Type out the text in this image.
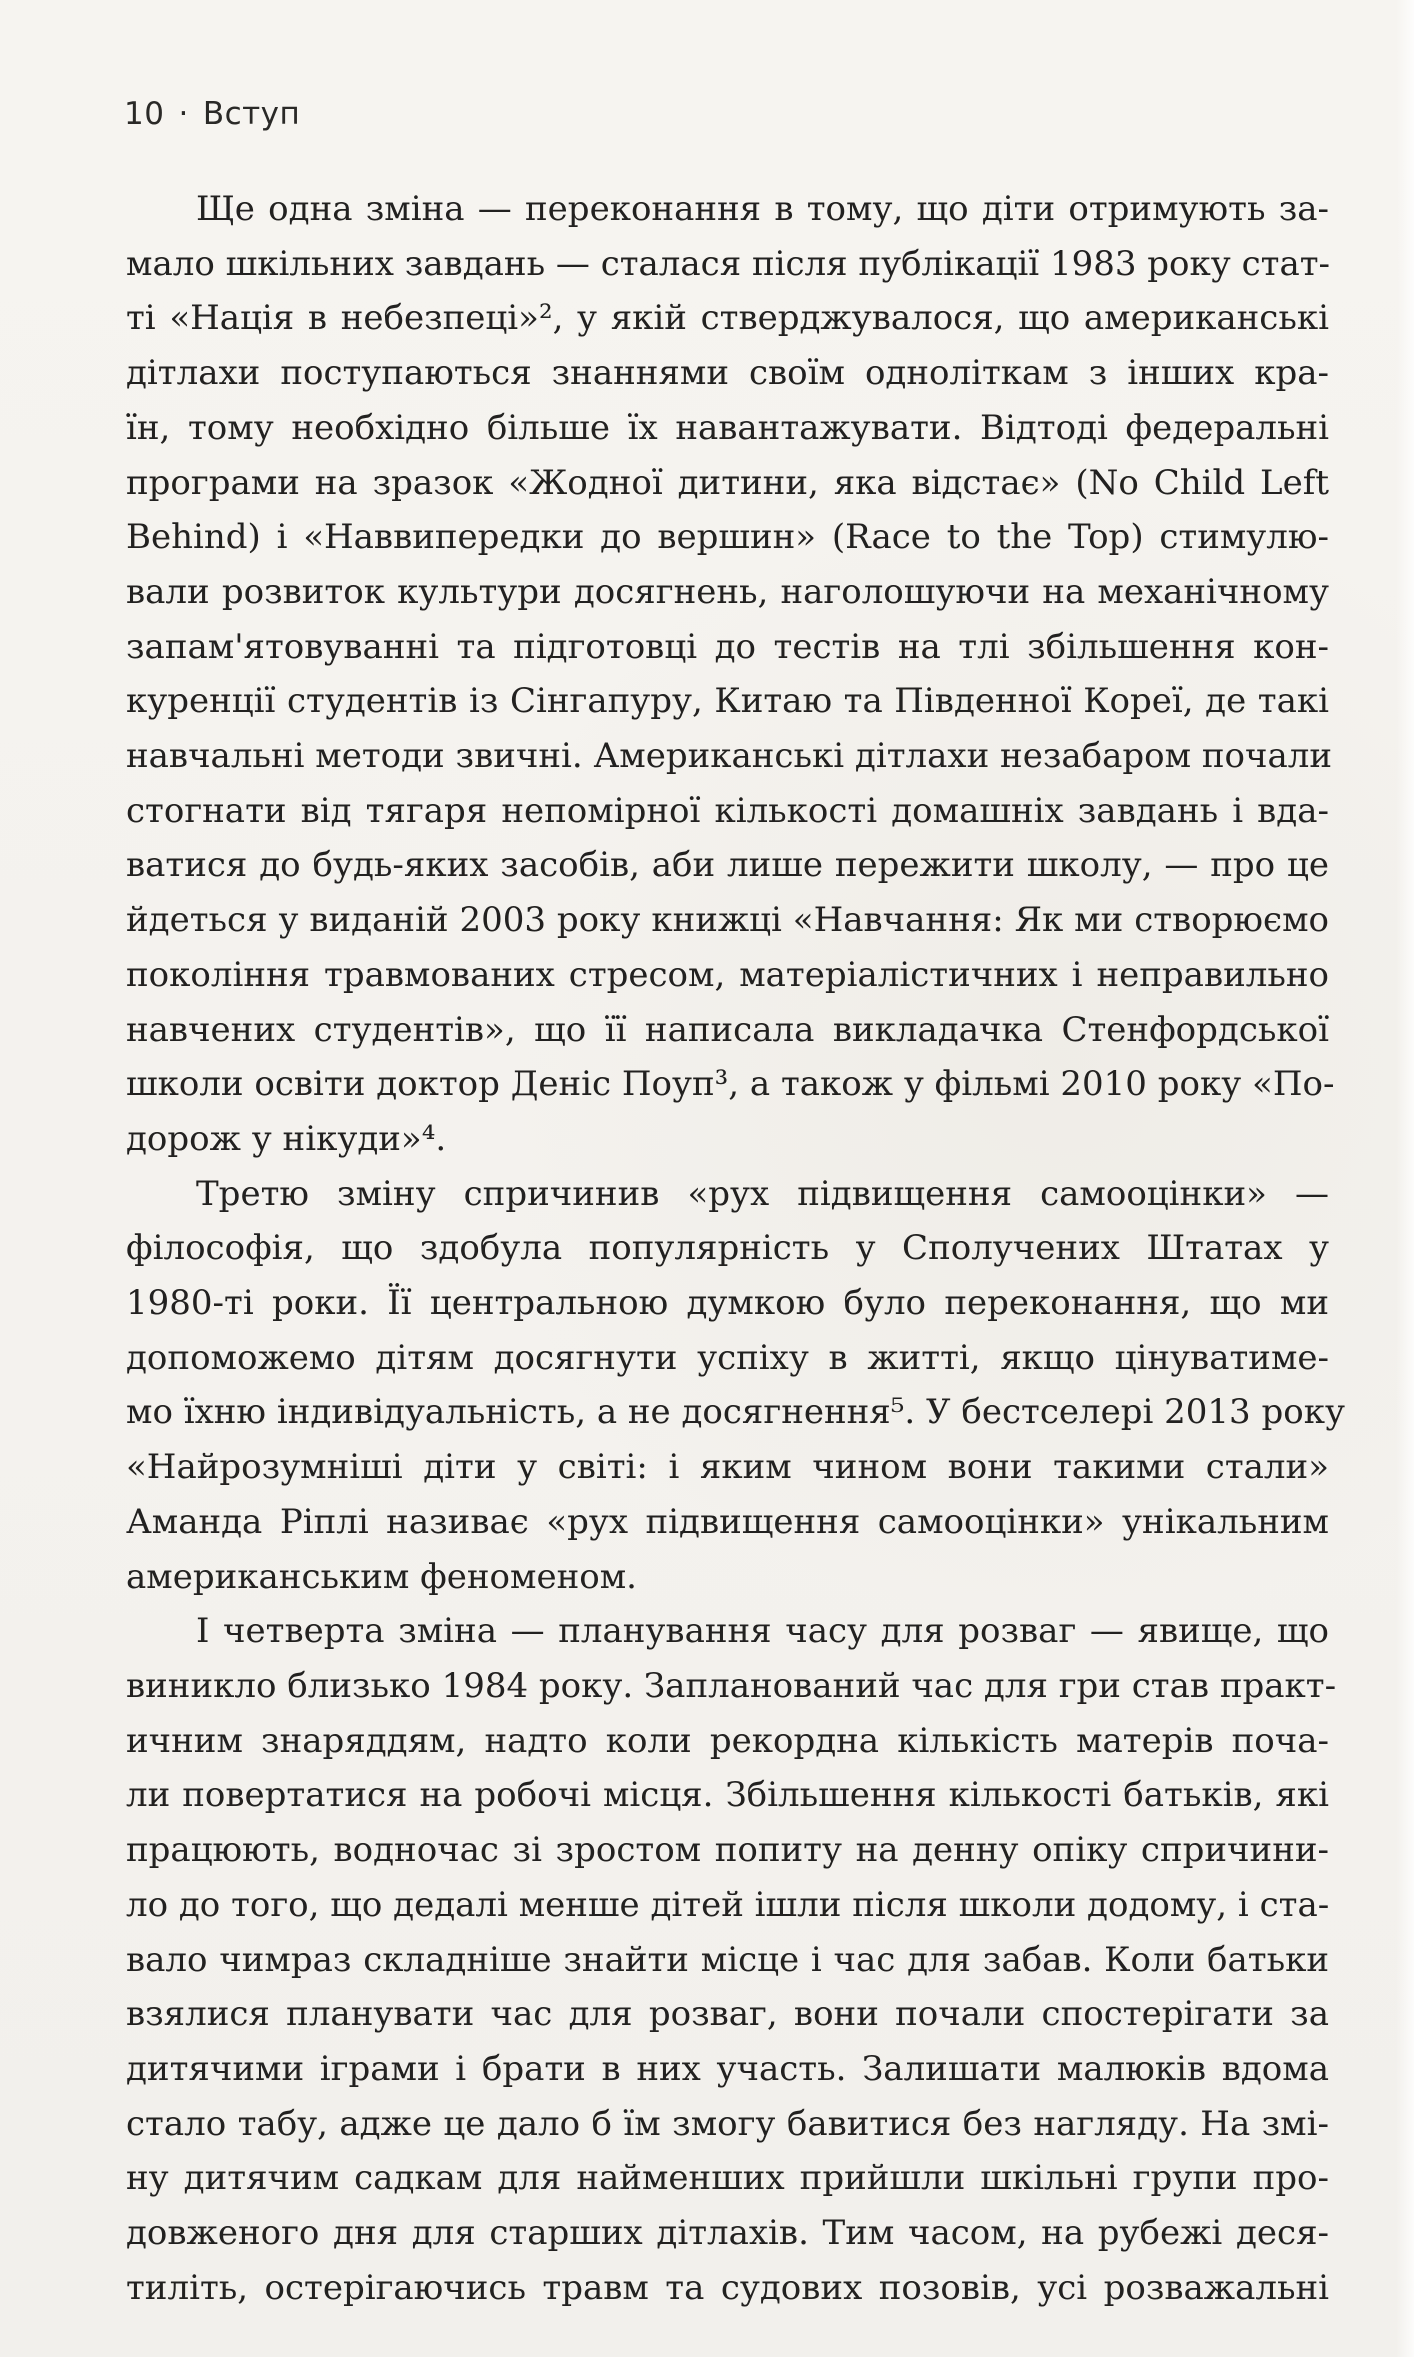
10 · Вступ
Ще одна зміна — переконання в тому, що діти отримують за-
мало шкільних завдань — сталася після публікації 1983 року стат-
ті «Нація в небезпеці»², у якій стверджувалося, що американські
дітлахи поступаються знаннями своїм одноліткам з інших кра-
їн, тому необхідно більше їх навантажувати. Відтоді федеральні
програми на зразок «Жодної дитини, яка відстає» (No Child Left
Behind) і «Наввипередки до вершин» (Race to the Top) стимулю-
вали розвиток культури досягнень, наголошуючи на механічному
запам'ятовуванні та підготовці до тестів на тлі збільшення кон-
куренції студентів із Сінгапуру, Китаю та Південної Кореї, де такі
навчальні методи звичні. Американські дітлахи незабаром почали
стогнати від тягаря непомірної кількості домашніх завдань і вда-
ватися до будь-яких засобів, аби лише пережити школу, — про це
йдеться у виданій 2003 року книжці «Навчання: Як ми створюємо
покоління травмованих стресом, матеріалістичних і неправильно
навчених студентів», що її написала викладачка Стенфордської
школи освіти доктор Деніс Поуп³, а також у фільмі 2010 року «По-
дорож у нікуди»⁴.
Третю зміну спричинив «рух підвищення самооцінки» —
філософія, що здобула популярність у Сполучених Штатах у
1980-ті роки. Її центральною думкою було переконання, що ми
допоможемо дітям досягнути успіху в житті, якщо цінуватиме-
мо їхню індивідуальність, а не досягнення⁵. У бестселері 2013 року
«Найрозумніші діти у світі: і яким чином вони такими стали»
Аманда Ріплі називає «рух підвищення самооцінки» унікальним
американським феноменом.
І четверта зміна — планування часу для розваг — явище, що
виникло близько 1984 року. Запланований час для гри став практ-
ичним знаряддям, надто коли рекордна кількість матерів поча-
ли повертатися на робочі місця. Збільшення кількості батьків, які
працюють, водночас зі зростом попиту на денну опіку спричини-
ло до того, що дедалі менше дітей ішли після школи додому, і ста-
вало чимраз складніше знайти місце і час для забав. Коли батьки
взялися планувати час для розваг, вони почали спостерігати за
дитячими іграми і брати в них участь. Залишати малюків вдома
стало табу, адже це дало б їм змогу бавитися без нагляду. На змі-
ну дитячим садкам для найменших прийшли шкільні групи про-
довженого дня для старших дітлахів. Тим часом, на рубежі деся-
тиліть, остерігаючись травм та судових позовів, усі розважальні
